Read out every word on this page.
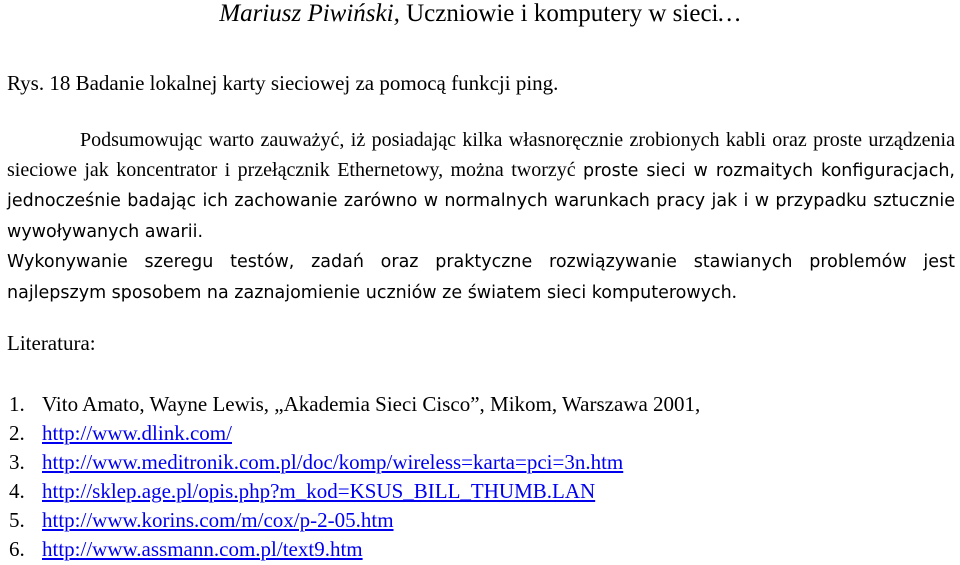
Mariusz Piwiński, Uczniowie i komputery w sieci…
Rys. 18 Badanie lokalnej karty sieciowej za pomocą funkcji ping.

Podsumowując warto zauważyć, iż posiadając kilka własnoręcznie zrobionych kabli oraz proste urządzenia sieciowe jak koncentrator i przełącznik Ethernetowy, można tworzyć proste sieci w rozmaitych konfiguracjach, jednocześnie badając ich zachowanie zarówno w normalnych warunkach pracy jak i w przypadku sztucznie wywoływanych awarii.

Wykonywanie szeregu testów, zadań oraz praktyczne rozwiązywanie stawianych problemów jest najlepszym sposobem na zaznajomienie uczniów ze światem sieci komputerowych.

Literatura:
1. Vito Amato, Wayne Lewis, „Akademia Sieci Cisco”, Mikom, Warszawa 2001,
2. http://www.dlink.com/
3. http://www.meditronik.com.pl/doc/komp/wireless=karta=pci=3n.htm
4. http://sklep.age.pl/opis.php?m_kod=KSUS_BILL_THUMB.LAN
5. http://www.korins.com/m/cox/p-2-05.htm
6. http://www.assmann.com.pl/text9.htm
